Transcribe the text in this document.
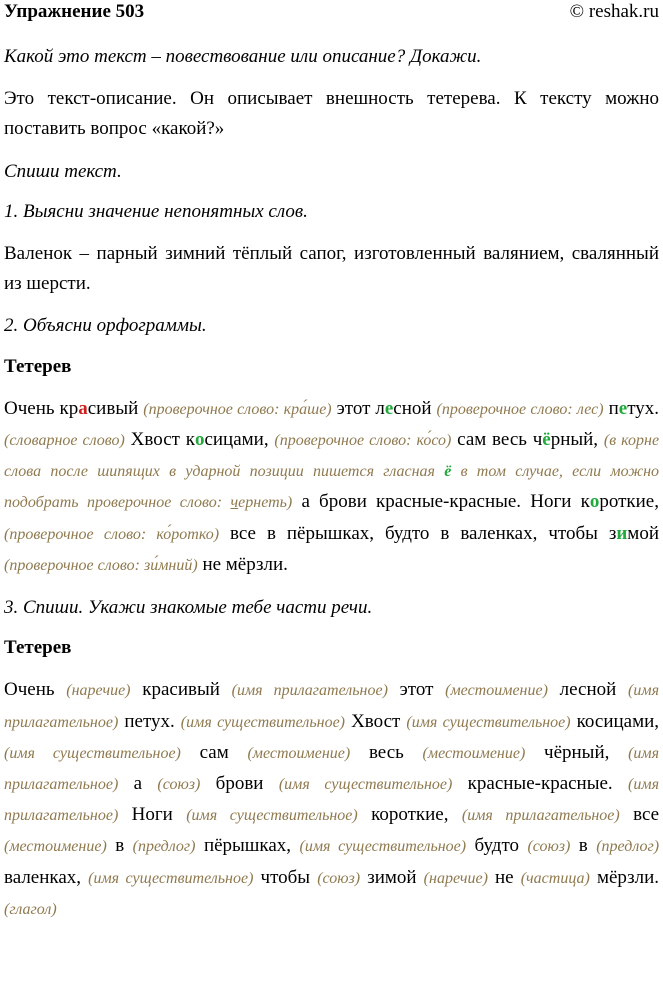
Упражнение 503	© reshak.ru

Какой это текст – повествование или описание? Докажи.

Это текст-описание. Он описывает внешность тетерева. К тексту можно поставить вопрос «какой?»

Спиши текст.

1. Выясни значение непонятных слов.

Валенок – парный зимний тёплый сапог, изготовленный валянием, свалянный из шерсти.

2. Объясни орфограммы.

Тетерев

Очень красивый (проверочное слово: кра́ше) этот лесной (проверочное слово: лес) петух. (словарное слово) Хвост косицами, (проверочное слово: ко́со) сам весь чёрный, (в корне слова после шипящих в ударной позиции пишется гласная ё в том случае, если можно подобрать проверочное слово: чернеть) а брови красные-красные. Ноги короткие, (проверочное слово: ко́ротко) все в пёрышках, будто в валенках, чтобы зимой (проверочное слово: зи́мний) не мёрзли.

3. Спиши. Укажи знакомые тебе части речи.

Тетерев

Очень (наречие) красивый (имя прилагательное) этот (местоимение) лесной (имя прилагательное) петух. (имя существительное) Хвост (имя существительное) косицами, (имя существительное) сам (местоимение) весь (местоимение) чёрный, (имя прилагательное) а (союз) брови (имя существительное) красные-красные. (имя прилагательное) Ноги (имя существительное) короткие, (имя прилагательное) все (местоимение) в (предлог) пёрышках, (имя существительное) будто (союз) в (предлог) валенках, (имя существительное) чтобы (союз) зимой (наречие) не (частица) мёрзли. (глагол)
